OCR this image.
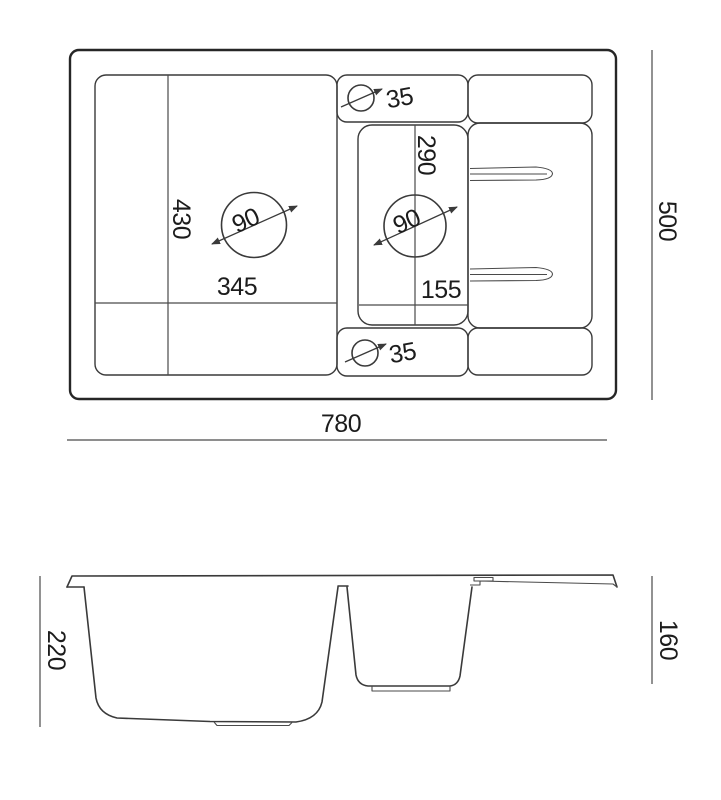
780
500
430
345
290
155
90	90
35
35
220	160
